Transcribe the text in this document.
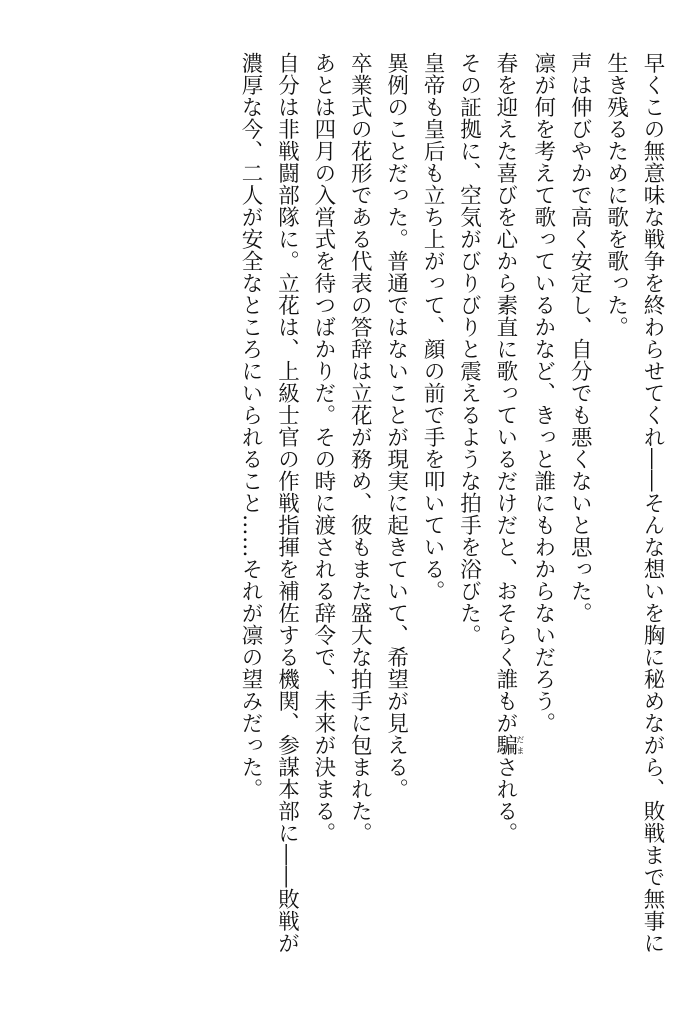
早くこの無意味な戦争を終わらせてくれ――そんな想いを胸に秘めながら、敗戦まで無事に
生き残るために歌を歌った。
声は伸びやかで高く安定し、自分でも悪くないと思った。
凛が何を考えて歌っているかなど、きっと誰にもわからないだろう。
春を迎えた喜びを心から素直に歌っているだけだと、おそらく誰もが騙だまされる。
その証拠に、空気がびりびりと震えるような拍手を浴びた。
皇帝も皇后も立ち上がって、顔の前で手を叩いている。
異例のことだった。普通ではないことが現実に起きていて、希望が見える。
卒業式の花形である代表の答辞は立花が務め、彼もまた盛大な拍手に包まれた。
あとは四月の入営式を待つばかりだ。その時に渡される辞令で、未来が決まる。
自分は非戦闘部隊に。立花は、上級士官の作戦指揮を補佐する機関、参謀本部に――敗戦が
濃厚な今、二人が安全なところにいられること……それが凛の望みだった。
